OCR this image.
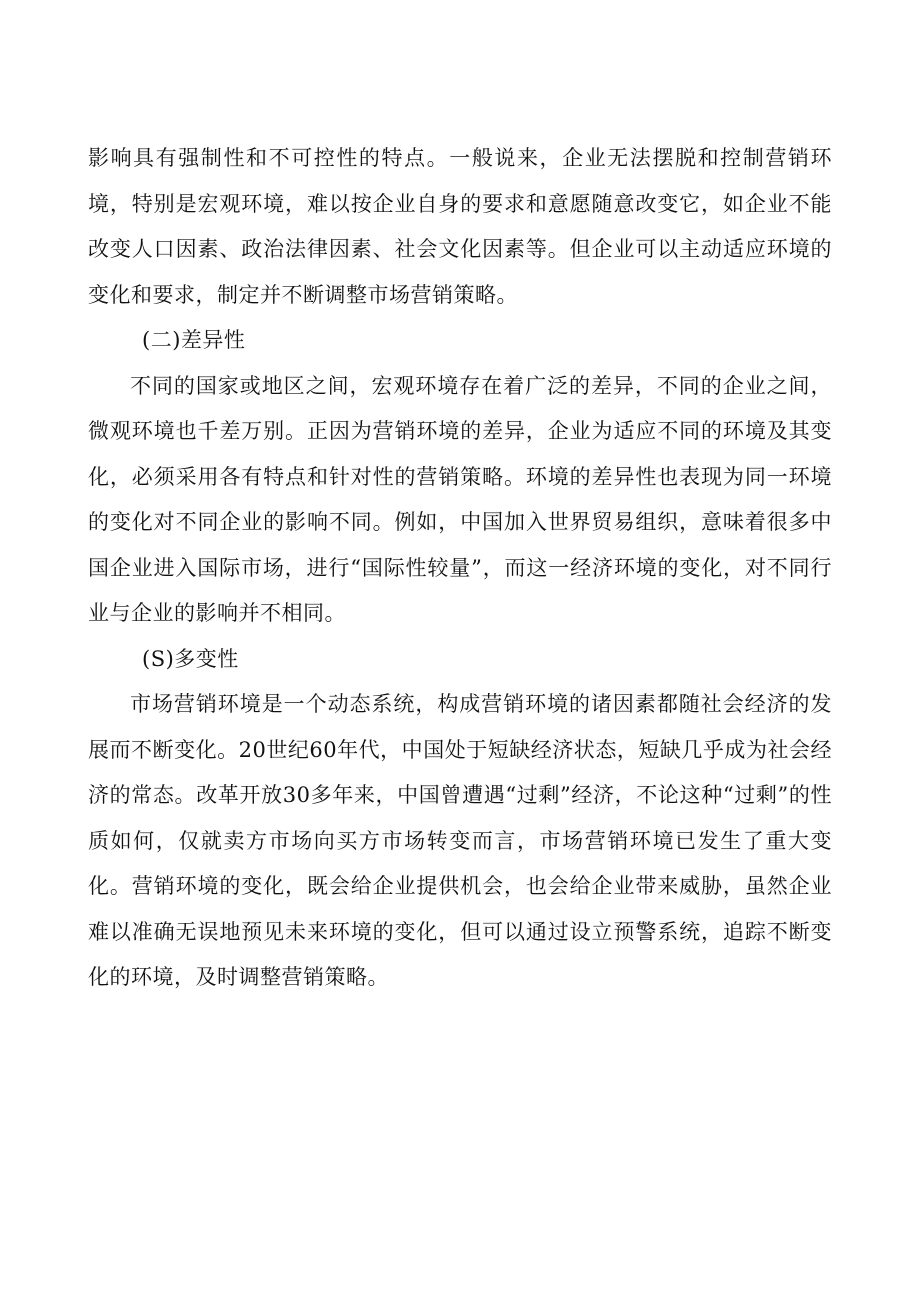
影响具有强制性和不可控性的特点。一般说来，企业无法摆脱和控制营销环境，特别是宏观环境，难以按企业自身的要求和意愿随意改变它，如企业不能改变人口因素、政治法律因素、社会文化因素等。但企业可以主动适应环境的变化和要求，制定并不断调整市场营销策略。

(二)差异性

不同的国家或地区之间，宏观环境存在着广泛的差异，不同的企业之间，微观环境也千差万别。正因为营销环境的差异，企业为适应不同的环境及其变化，必须采用各有特点和针对性的营销策略。环境的差异性也表现为同一环境的变化对不同企业的影响不同。例如，中国加入世界贸易组织，意味着很多中国企业进入国际市场，进行“国际性较量”，而这一经济环境的变化，对不同行业与企业的影响并不相同。

(S)多变性

市场营销环境是一个动态系统，构成营销环境的诸因素都随社会经济的发展而不断变化。20世纪60年代，中国处于短缺经济状态，短缺几乎成为社会经济的常态。改革开放30多年来，中国曾遭遇“过剩”经济，不论这种“过剩”的性质如何，仅就卖方市场向买方市场转变而言，市场营销环境已发生了重大变化。营销环境的变化，既会给企业提供机会，也会给企业带来威胁，虽然企业难以准确无误地预见未来环境的变化，但可以通过设立预警系统，追踪不断变化的环境，及时调整营销策略。
